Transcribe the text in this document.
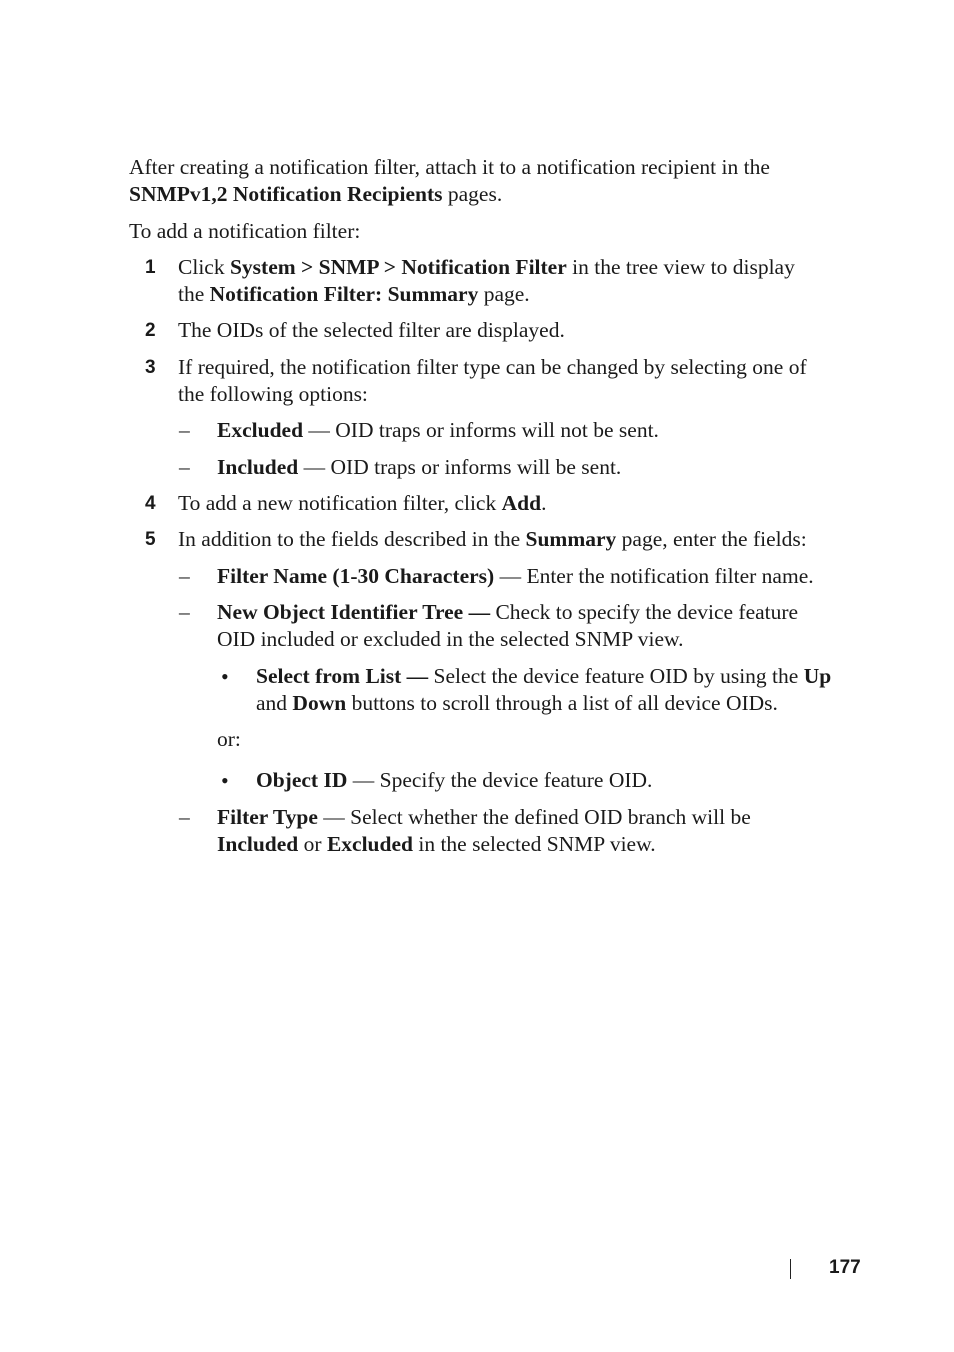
After creating a notification filter, attach it to a notification recipient in the
SNMPv1,2 Notification Recipients pages.
To add a notification filter:
1 Click System > SNMP > Notification Filter in the tree view to display
the Notification Filter: Summary page.
2 The OIDs of the selected filter are displayed.
3 If required, the notification filter type can be changed by selecting one of
the following options:
– Excluded — OID traps or informs will not be sent.
– Included — OID traps or informs will be sent.
4 To add a new notification filter, click Add.
5 In addition to the fields described in the Summary page, enter the fields:
– Filter Name (1-30 Characters) — Enter the notification filter name.
– New Object Identifier Tree — Check to specify the device feature
OID included or excluded in the selected SNMP view.
• Select from List — Select the device feature OID by using the Up
and Down buttons to scroll through a list of all device OIDs.
or:
• Object ID — Specify the device feature OID.
– Filter Type — Select whether the defined OID branch will be
Included or Excluded in the selected SNMP view.
177
